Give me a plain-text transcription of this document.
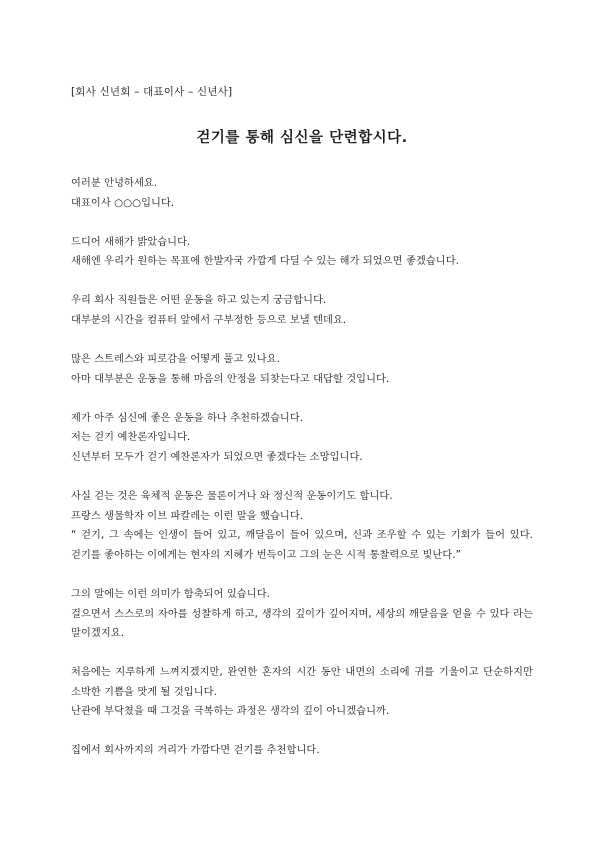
[회사 신년회 – 대표이사 – 신년사]

걷기를 통해 심신을 단련합시다.

여러분 안녕하세요.

대표이사 ○○○입니다.

드디어 새해가 밝았습니다.

새해엔 우리가 원하는 목표에 한발자국 가깝게 다딜 수 있는 해가 되었으면 좋겠습니다.

우리 회사 직원들은 어떤 운동을 하고 있는지 궁금합니다.

대부분의 시간을 컴퓨터 앞에서 구부정한 등으로 보낼 텐데요.

많은 스트레스와 피로감을 어떻게 풀고 있나요.

아마 대부분은 운동을 통해 마음의 안정을 되찾는다고 대답할 것입니다.

제가 아주 심신에 좋은 운동을 하나 추천하겠습니다.

저는 걷기 예찬론자입니다.

신년부터 모두가 걷기 예찬론자가 되었으면 좋겠다는 소망입니다.

사실 걷는 것은 육체적 운동은 물론이거나 와 정신적 운동이기도 합니다.

프랑스 생물학자 이브 파칼레는 이런 말을 했습니다.

“ 걷기, 그 속에는 인생이 들어 있고, 깨달음이 들어 있으며, 신과 조우할 수 있는 기회가 들어 있다. 걷기를 좋아하는 이에게는 현자의 지혜가 번득이고 그의 눈은 시적 통찰력으로 빛난다.”

그의 말에는 이런 의미가 함축되어 있습니다.

걸으면서 스스로의 자아를 성찰하게 하고, 생각의 깊이가 깊어지며, 세상의 깨달음을 얻을 수 있다 라는 말이겠지요.

처음에는 지루하게 느껴지겠지만, 완연한 혼자의 시간 동안 내면의 소리에 귀를 기울이고 단순하지만 소박한 기쁨을 맛게 될 것입니다.

난관에 부닥쳤을 때 그것을 극복하는 과정은 생각의 깊이 아니겠습니까.

집에서 회사까지의 거리가 가깝다면 걷기를 추천합니다.
